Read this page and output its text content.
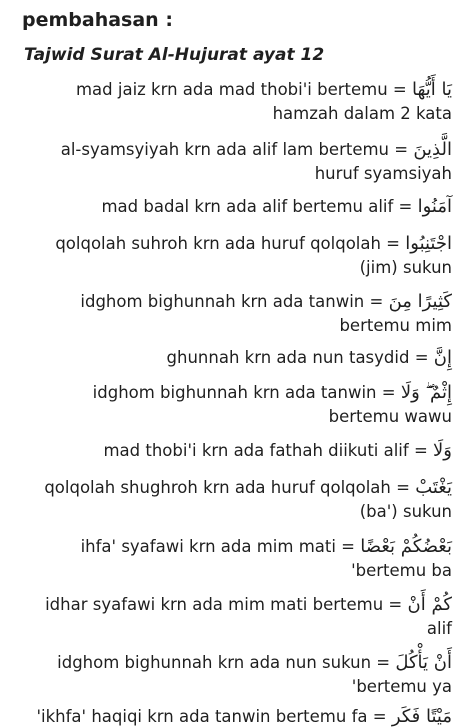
pembahasan :
Tajwid Surat Al-Hujurat ayat 12
mad jaiz krn ada mad thobi'i bertemu = يَا أَيُّهَا
hamzah dalam 2 kata
al-syamsyiyah krn ada alif lam bertemu = الَّذِينَ
huruf syamsiyah
mad badal krn ada alif bertemu alif = آمَنُوا
qolqolah suhroh krn ada huruf qolqolah = اجْتَنِبُوا
(jim) sukun
idghom bighunnah krn ada tanwin = كَثِيرًا مِنَ
bertemu mim
ghunnah krn ada nun tasydid = إِنَّ
idghom bighunnah krn ada tanwin = إِثْمٌ ۖ وَلَا
bertemu wawu
mad thobi'i krn ada fathah diikuti alif = وَلَا
qolqolah shughroh krn ada huruf qolqolah = يَغْتَبْ
(ba') sukun
ihfa' syafawi krn ada mim mati = بَعْضُكُمْ بَعْضًا
'bertemu ba
idhar syafawi krn ada mim mati bertemu = كُمْ أَنْ
alif
idghom bighunnah krn ada nun sukun = أَنْ يَأْكُلَ
'bertemu ya
'ikhfa' haqiqi krn ada tanwin bertemu fa = مَيْتًا فَكَرِ
